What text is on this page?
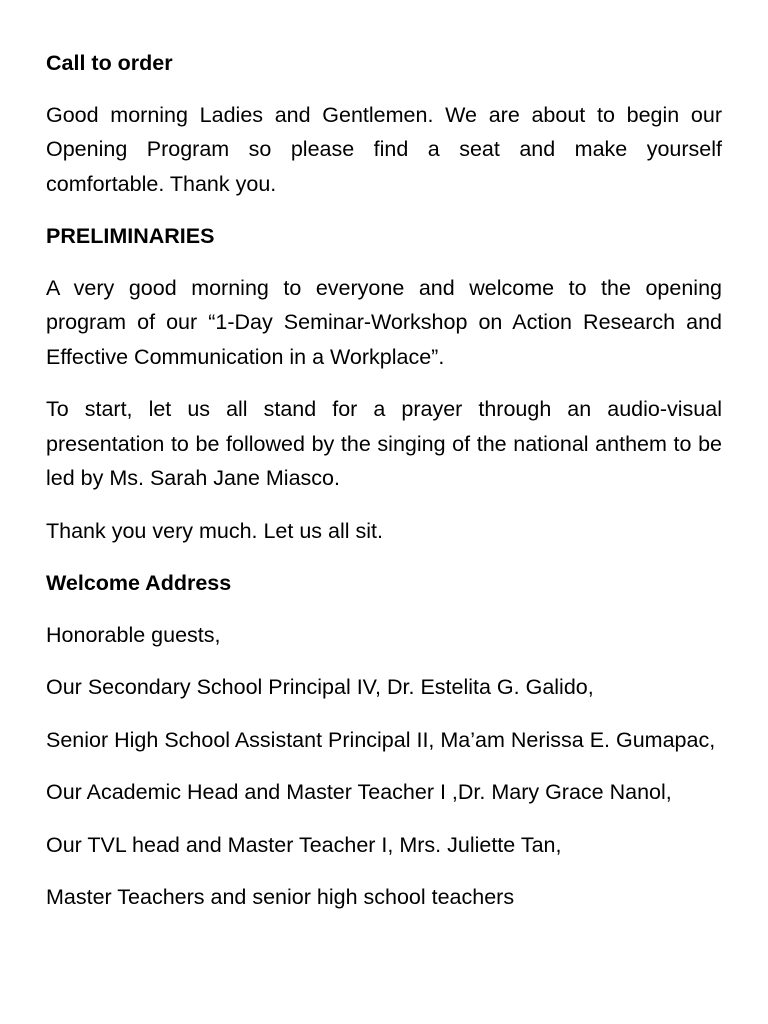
Call to order

Good morning Ladies and Gentlemen. We are about to begin our Opening Program so please find a seat and make yourself comfortable. Thank you.

PRELIMINARIES

A very good morning to everyone and welcome to the opening program of our “1-Day Seminar-Workshop on Action Research and Effective Communication in a Workplace”.

To start, let us all stand for a prayer through an audio-visual presentation to be followed by the singing of the national anthem to be led by Ms. Sarah Jane Miasco.

Thank you very much. Let us all sit.

Welcome Address

Honorable guests,

Our Secondary School Principal IV, Dr. Estelita G. Galido,

Senior High School Assistant Principal II, Ma’am Nerissa E. Gumapac,

Our Academic Head and Master Teacher I ,Dr. Mary Grace Nanol,

Our TVL head and Master Teacher I, Mrs. Juliette Tan,

Master Teachers and senior high school teachers
